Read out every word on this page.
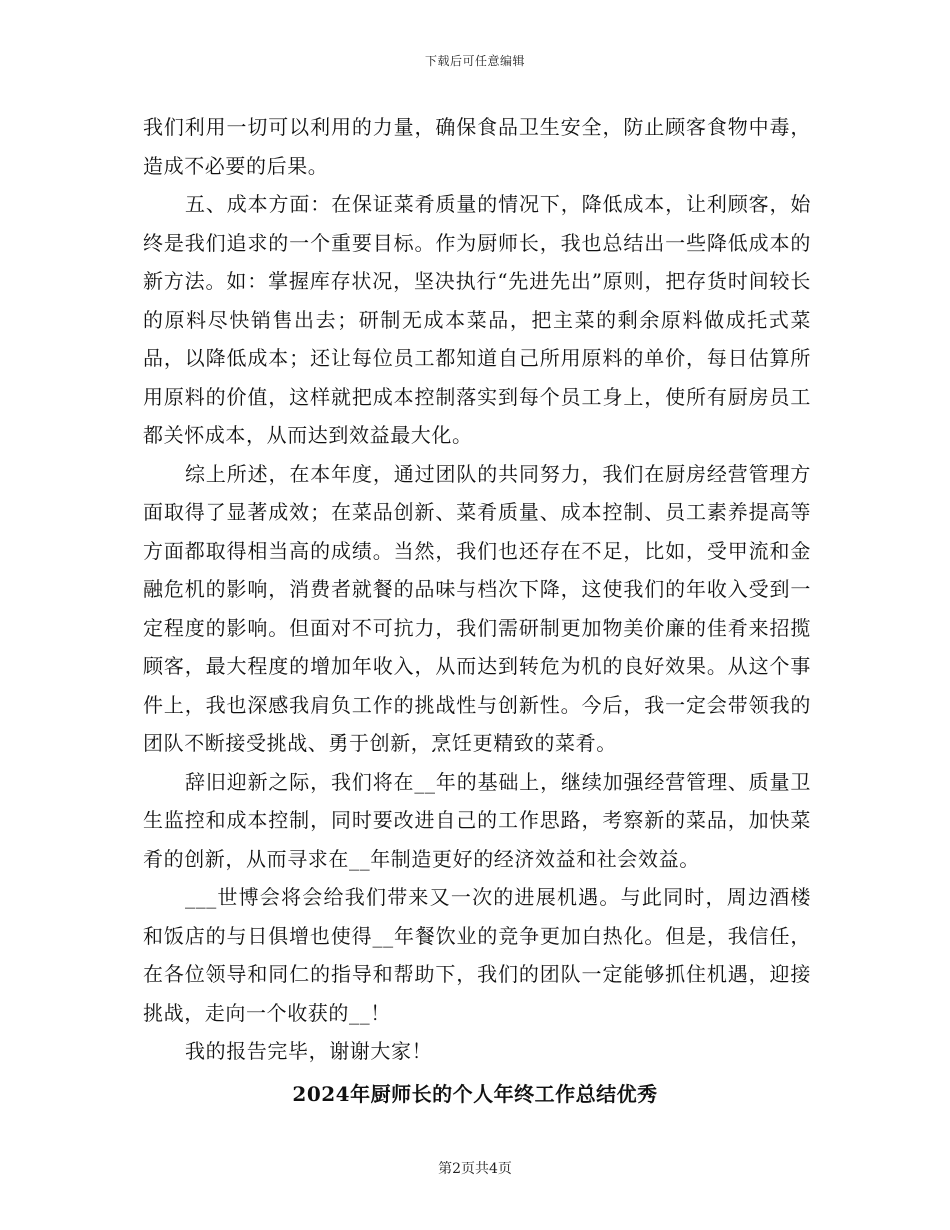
下载后可任意编辑

我们利用一切可以利用的力量，确保食品卫生安全，防止顾客食物中毒，造成不必要的后果。

五、成本方面：在保证菜肴质量的情况下，降低成本，让利顾客，始终是我们追求的一个重要目标。作为厨师长，我也总结出一些降低成本的新方法。如：掌握库存状况，坚决执行“先进先出”原则，把存货时间较长的原料尽快销售出去；研制无成本菜品，把主菜的剩余原料做成托式菜品，以降低成本；还让每位员工都知道自己所用原料的单价，每日估算所用原料的价值，这样就把成本控制落实到每个员工身上，使所有厨房员工都关怀成本，从而达到效益最大化。

综上所述，在本年度，通过团队的共同努力，我们在厨房经营管理方面取得了显著成效；在菜品创新、菜肴质量、成本控制、员工素养提高等方面都取得相当高的成绩。当然，我们也还存在不足，比如，受甲流和金融危机的影响，消费者就餐的品味与档次下降，这使我们的年收入受到一定程度的影响。但面对不可抗力，我们需研制更加物美价廉的佳肴来招揽顾客，最大程度的增加年收入，从而达到转危为机的良好效果。从这个事件上，我也深感我肩负工作的挑战性与创新性。今后，我一定会带领我的团队不断接受挑战、勇于创新，烹饪更精致的菜肴。

辞旧迎新之际，我们将在__年的基础上，继续加强经营管理、质量卫生监控和成本控制，同时要改进自己的工作思路，考察新的菜品，加快菜肴的创新，从而寻求在__年制造更好的经济效益和社会效益。

___世博会将会给我们带来又一次的进展机遇。与此同时，周边酒楼和饭店的与日俱增也使得__年餐饮业的竞争更加白热化。但是，我信任，在各位领导和同仁的指导和帮助下，我们的团队一定能够抓住机遇，迎接挑战，走向一个收获的__！

我的报告完毕，谢谢大家！

2024年厨师长的个人年终工作总结优秀
第2页共4页
